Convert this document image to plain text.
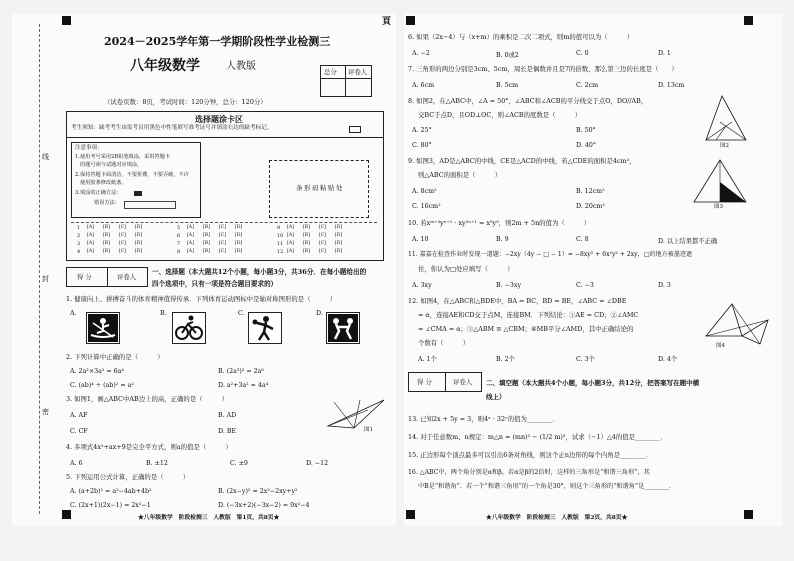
线
封
密
2024－2025学年第一学期阶段性学业检测三
八年级数学	人教版	总分 评卷人
（试卷页数：8页，考试时间：120分钟，总分：120分）
选择题涂卡区
考生须知：缺考考生由监考员用黑色中性笔填写准考证号并填涂右边的缺考标记。
注意事项：
1.使用考号采用2B铅笔填涂，采用答题卡
的题号须与试题对应填涂，
2.保持答题卡面清洁，不要折叠，不要弄破，不许
使用胶条修改纸条。
3.填涂的正确方法：
错误方法：
条形码粘贴处
1 [A] [B] [C] [D]	5 [A] [B] [C] [D]	9 [A] [B] [C] [D]
2 [A] [B] [C] [D]	6 [A] [B] [C] [D]	10 [A] [B] [C] [D]
3 [A] [B] [C] [D]	7 [A] [B] [C] [D]	11 [A] [B] [C] [D]
4 [A] [B] [C] [D]	8 [A] [B] [C] [D]	12 [A] [B] [C] [D]
得 分	评卷人
一、选择题（本大题共12个小题，每小题3分，共36分．在每小题给出的
四个选项中，只有一项是符合题目要求的）
1. 健康向上、拼搏奋斗的体育精神值得传承．下列体育运动图标中是轴对称图形的是（　　　）
A.	B.	C.	D.
2. 下列计算中正确的是（　　　）
A. 2a²×3a² = 6a⁴	B. (2a³)² = 2a⁶
C. (ab)⁴ ÷ (ab)² = a²	D. a²+3a² = 4a⁴
3. 如图1，画△ABC中AB边上的高，正确的是（　　　）
A. AF	B. AD
C. CF	D. BE	图1
4. 多项式4x²+ax+9是完全平方式，则a的值是（　　　）
A. 6	B. ±12	C. ±9	D. −12
5. 下列运用公式计算，正确的是（　　　）
A. (a+2b)² = a²−4ab+4b²	B. (2x−y)² = 2x²−2xy+y²
C. (2x+1)(2x−1) = 2x²−1	D. (−3x+2)(−3x−2) = 9x²−4
★八年级数学　阶段检测三　人教版　第1页，共8页★
頁
6. 如果（2x−4）与（x+m）的乘积是二次二项式，则m的值可以为（　　　）
A. −2	B. 0或2	C. 0	D. 1
7. 三角形的两边分别是3cm、5cm，周长是偶数并且是7的倍数，那么第三边的长度是（　　）
A. 6cm	B. 5cm	C. 2cm	D. 13cm
8. 如图2，在△ABC中，∠A = 50°，∠ABC和∠ACB的平分线交于点O，DO//AB，
交BC于点D，且OD⊥OC，则∠ACB的度数是（　　　）
A. 25°	B. 50°
C. 80°	D. 40°	图2
9. 如图3，AD是△ABC的中线，CE是△ACD的中线，若△CDE的面积是4cm²，
则△ABC的面积是（　　　）
A. 8cm²	B. 12cm²
C. 16cm²	D. 20cm²	图3
10. 若xᵐ⁺³yⁿ⁺¹ · xy²ⁿ⁺¹ = x⁵y⁹，则2m + 5n的值为（　　　）
A. 10	B. 9	C. 8	D. 以上结果都不正确
11. 嘉嘉在检查作业时发现一道题：−2xy（4y − □ − 1）= −8xy² + 6x²y² + 2xy，□的地方被墨迹遮
住，你认为□处应填写（　　　）
A. 3xy	B. −3xy	C. −3	D. 3
12. 如图4，在△ABC和△BDE中，BA = BC，BD = BE，∠ABC = ∠DBE
= α，连接AE和CD交于点M，连接BM．下列结论：①AE = CD；②∠AMC
= ∠CMA = α；③△ABM ≌ △CBM；④MB平分∠AMD，其中正确结论的
个数有（　　　）
A. 1个	B. 2个	C. 3个	D. 4个
图4
得 分	评卷人 二、填空题（本大题共4个小题，每小题3分，共12分，把答案写在题中横
线上）
13. 已知2x + 5y = 3，则4ˣ · 32ʸ的值为________．
14. 对于任意数m、n规定：m△n = (mn)³ − (1/2 m)³，试求（−1）△4的值是________．
15. 正边形每个顶点最多可以引出6条对角线，则这个正n边形的每个内角是________．
16. △ABC中，两个角分别是α和β，若α是β的2倍时，这样的三角形是“和谐三角形”，其
中B是“和谐角”．若一个“和谐三角形”的一个角是30°，则这个三角形的“和谐角”是________．
★八年级数学　阶段检测三　人教版　第2页，共8页★
